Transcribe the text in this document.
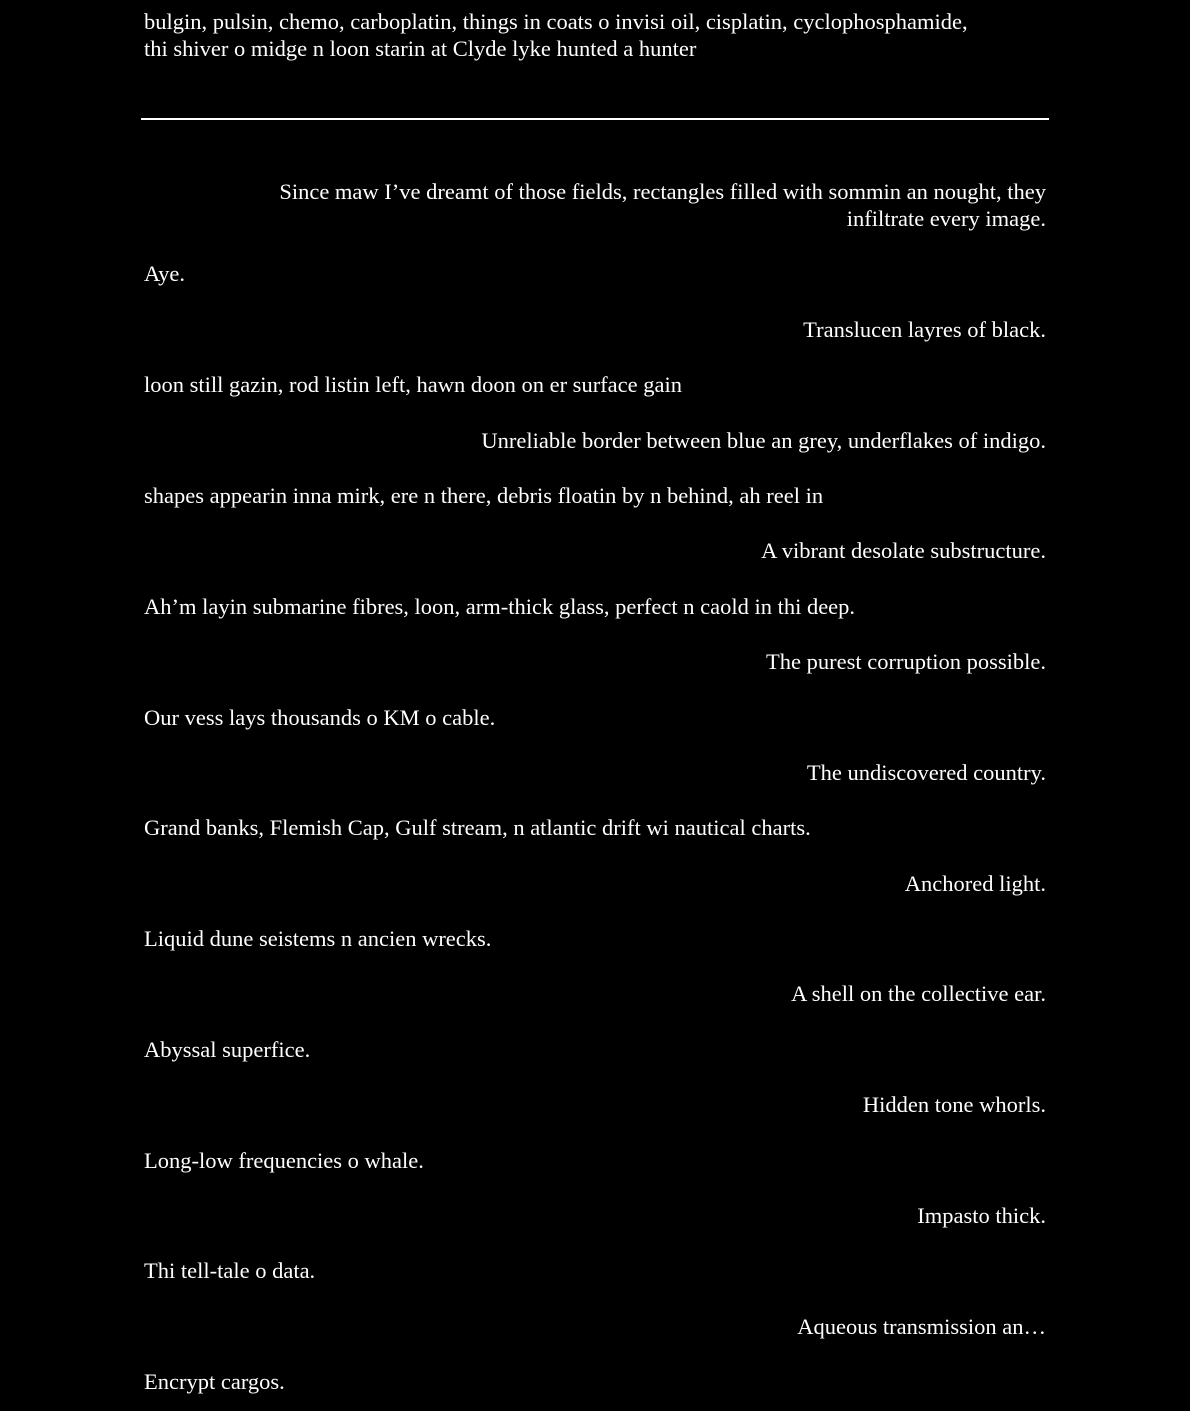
bulgin, pulsin, chemo, carboplatin, things in coats o invisi oil, cisplatin, cyclophosphamide,

thi shiver o midge n loon starin at Clyde lyke hunted a hunter

Since maw I’ve dreamt of those fields, rectangles filled with sommin an nought, they infiltrate every image.

Aye.

Translucen layres of black.

loon still gazin, rod listin left, hawn doon on er surface gain

Unreliable border between blue an grey, underflakes of indigo.

shapes appearin inna mirk, ere n there, debris floatin by n behind, ah reel in

A vibrant desolate substructure.

Ah’m layin submarine fibres, loon, arm-thick glass, perfect n caold in thi deep.

The purest corruption possible.

Our vess lays thousands o KM o cable.

The undiscovered country.

Grand banks, Flemish Cap, Gulf stream, n atlantic drift wi nautical charts.

Anchored light.

Liquid dune seistems n ancien wrecks.

A shell on the collective ear.

Abyssal superfice.

Hidden tone whorls.

Long-low frequencies o whale.

Impasto thick.

Thi tell-tale o data.

Aqueous transmission an…

Encrypt cargos.
